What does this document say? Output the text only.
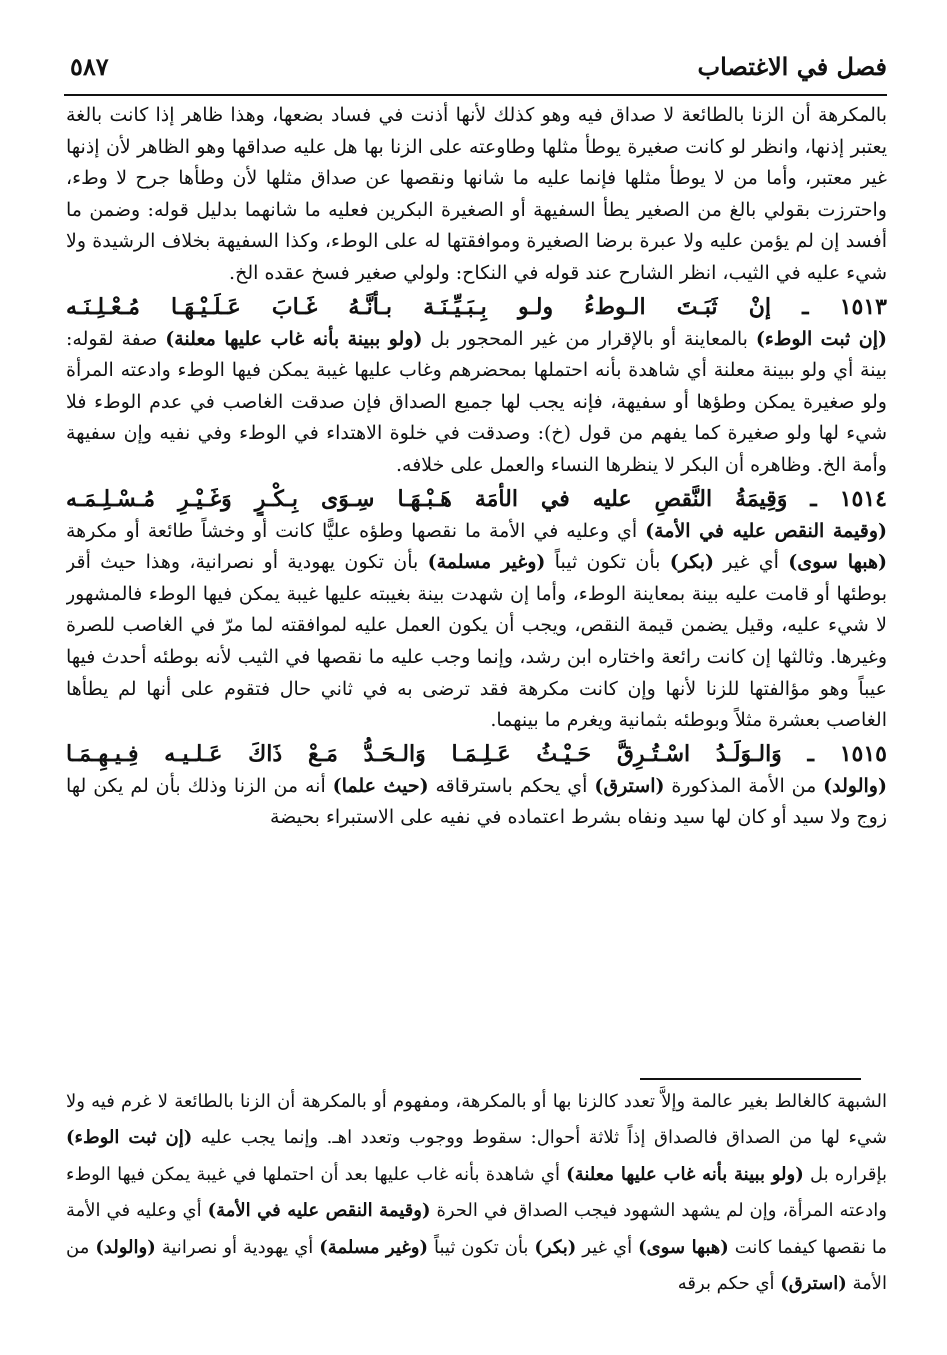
فصل في الاغتصاب
٥٨٧

بالمكرهة أن الزنا بالطائعة لا صداق فيه وهو كذلك لأنها أذنت في فساد بضعها، وهذا ظاهر إذا كانت بالغة يعتبر إذنها، وانظر لو كانت صغيرة يوطأ مثلها وطاوعته على الزنا بها هل عليه صداقها وهو الظاهر لأن إذنها غير معتبر، وأما من لا يوطأ مثلها فإنما عليه ما شانها ونقصها عن صداق مثلها لأن وطأها جرح لا وطء، واحترزت بقولي بالغ من الصغير يطأ السفيهة أو الصغيرة البكرين فعليه ما شانهما بدليل قوله: وضمن ما أفسد إن لم يؤمن عليه ولا عبرة برضا الصغيرة وموافقتها له على الوطء، وكذا السفيهة بخلاف الرشيدة ولا شيء عليه في الثيب، انظر الشارح عند قوله في النكاح: ولولي صغير فسخ عقده الخ.

١٥١٣ ـ إنْ ثَبَـتَ الـوطءُ ولـو بِـبَـيِّـنَـة بـأنَّـهُ غَـابَ عَـلَـيْـهَـا مُـعْـلِـنَـه

(إن ثبت الوطء) بالمعاينة أو بالإقرار من غير المحجور بل (ولو ببينة بأنه غاب عليها معلنة) صفة لقوله: بينة أي ولو ببينة معلنة أي شاهدة بأنه احتملها بمحضرهم وغاب عليها غيبة يمكن فيها الوطء وادعته المرأة ولو صغيرة يمكن وطؤها أو سفيهة، فإنه يجب لها جميع الصداق فإن صدقت الغاصب في عدم الوطء فلا شيء لها ولو صغيرة كما يفهم من قول (خ): وصدقت في خلوة الاهتداء في الوطء وفي نفيه وإن سفيهة وأمة الخ. وظاهره أن البكر لا ينظرها النساء والعمل على خلافه.

١٥١٤ ـ وَقِيمَةُ النَّقصِ عليه في الأمَة هَـبْـهَـا سِـوَى بِـكْـرٍ وَغَـيْـرِ مُـسْـلِـمَـه

(وقيمة النقص عليه في الأمة) أي وعليه في الأمة ما نقصها وطؤه عليًّا كانت أو وخشاً طائعة أو مكرهة (هبها سوى) أي غير (بكر) بأن تكون ثيباً (وغير مسلمة) بأن تكون يهودية أو نصرانية، وهذا حيث أقر بوطئها أو قامت عليه بينة بمعاينة الوطء، وأما إن شهدت بينة بغيبته عليها غيبة يمكن فيها الوطء فالمشهور لا شيء عليه، وقيل يضمن قيمة النقص، ويجب أن يكون العمل عليه لموافقته لما مرّ في الغاصب للصرة وغيرها. وثالثها إن كانت رائعة واختاره ابن رشد، وإنما وجب عليه ما نقصها في الثيب لأنه بوطئه أحدث فيها عيباً وهو مؤالفتها للزنا لأنها وإن كانت مكرهة فقد ترضى به في ثاني حال فتقوم على أنها لم يطأها الغاصب بعشرة مثلاً وبوطئه بثمانية ويغرم ما بينهما.

١٥١٥ ـ وَالـوَلَـدُ اسْـتُـرِقَّ حَـيْـثُ عَـلِـمَـا وَالـحَـدُّ مَـعْ ذَاكَ عَـلـيـه فِـيـهِـمَـا

(والولد) من الأمة المذكورة (استرق) أي يحكم باسترقاقه (حيث علما) أنه من الزنا وذلك بأن لم يكن لها زوج ولا سيد أو كان لها سيد ونفاه بشرط اعتماده في نفيه على الاستبراء بحيضة

الشبهة كالغالط بغير عالمة وإلاَّ تعدد كالزنا بها أو بالمكرهة، ومفهوم أو بالمكرهة أن الزنا بالطائعة لا غرم فيه ولا شيء لها من الصداق فالصداق إذاً ثلاثة أحوال: سقوط ووجوب وتعدد اهـ. وإنما يجب عليه (إن ثبت الوطء) بإقراره بل (ولو ببينة بأنه غاب عليها معلنة) أي شاهدة بأنه غاب عليها بعد أن احتملها في غيبة يمكن فيها الوطء وادعته المرأة، وإن لم يشهد الشهود فيجب الصداق في الحرة (وقيمة النقص عليه في الأمة) أي وعليه في الأمة ما نقصها كيفما كانت (هبها سوى) أي غير (بكر) بأن تكون ثيباً (وغير مسلمة) أي يهودية أو نصرانية (والولد) من الأمة (استرق) أي حكم برقه
